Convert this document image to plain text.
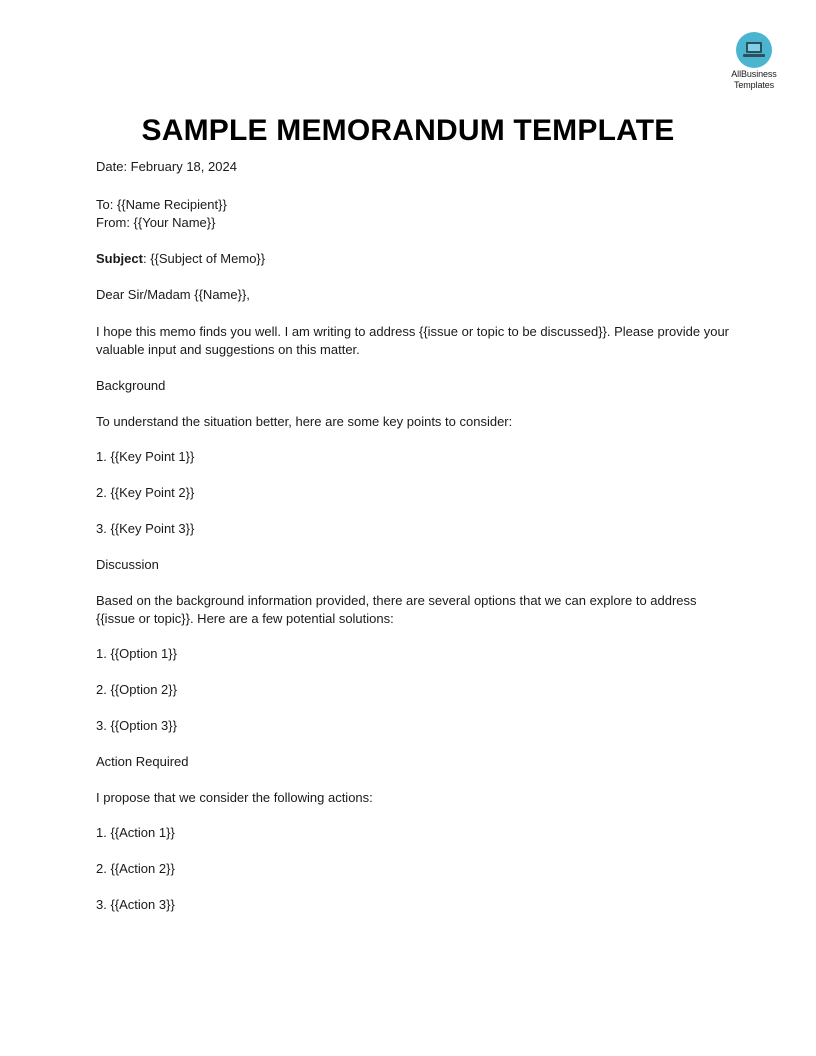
AllBusiness
Templates
SAMPLE MEMORANDUM TEMPLATE

Date: February 18, 2024

To: {{Name Recipient}}

From: {{Your Name}}

Subject: {{Subject of Memo}}

Dear Sir/Madam {{Name}},

I hope this memo finds you well. I am writing to address {{issue or topic to be discussed}}. Please provide your valuable input and suggestions on this matter.

Background

To understand the situation better, here are some key points to consider:

1. {{Key Point 1}}

2. {{Key Point 2}}

3. {{Key Point 3}}

Discussion

Based on the background information provided, there are several options that we can explore to address {{issue or topic}}. Here are a few potential solutions:

1. {{Option 1}}

2. {{Option 2}}

3. {{Option 3}}

Action Required

I propose that we consider the following actions:

1. {{Action 1}}

2. {{Action 2}}

3. {{Action 3}}
